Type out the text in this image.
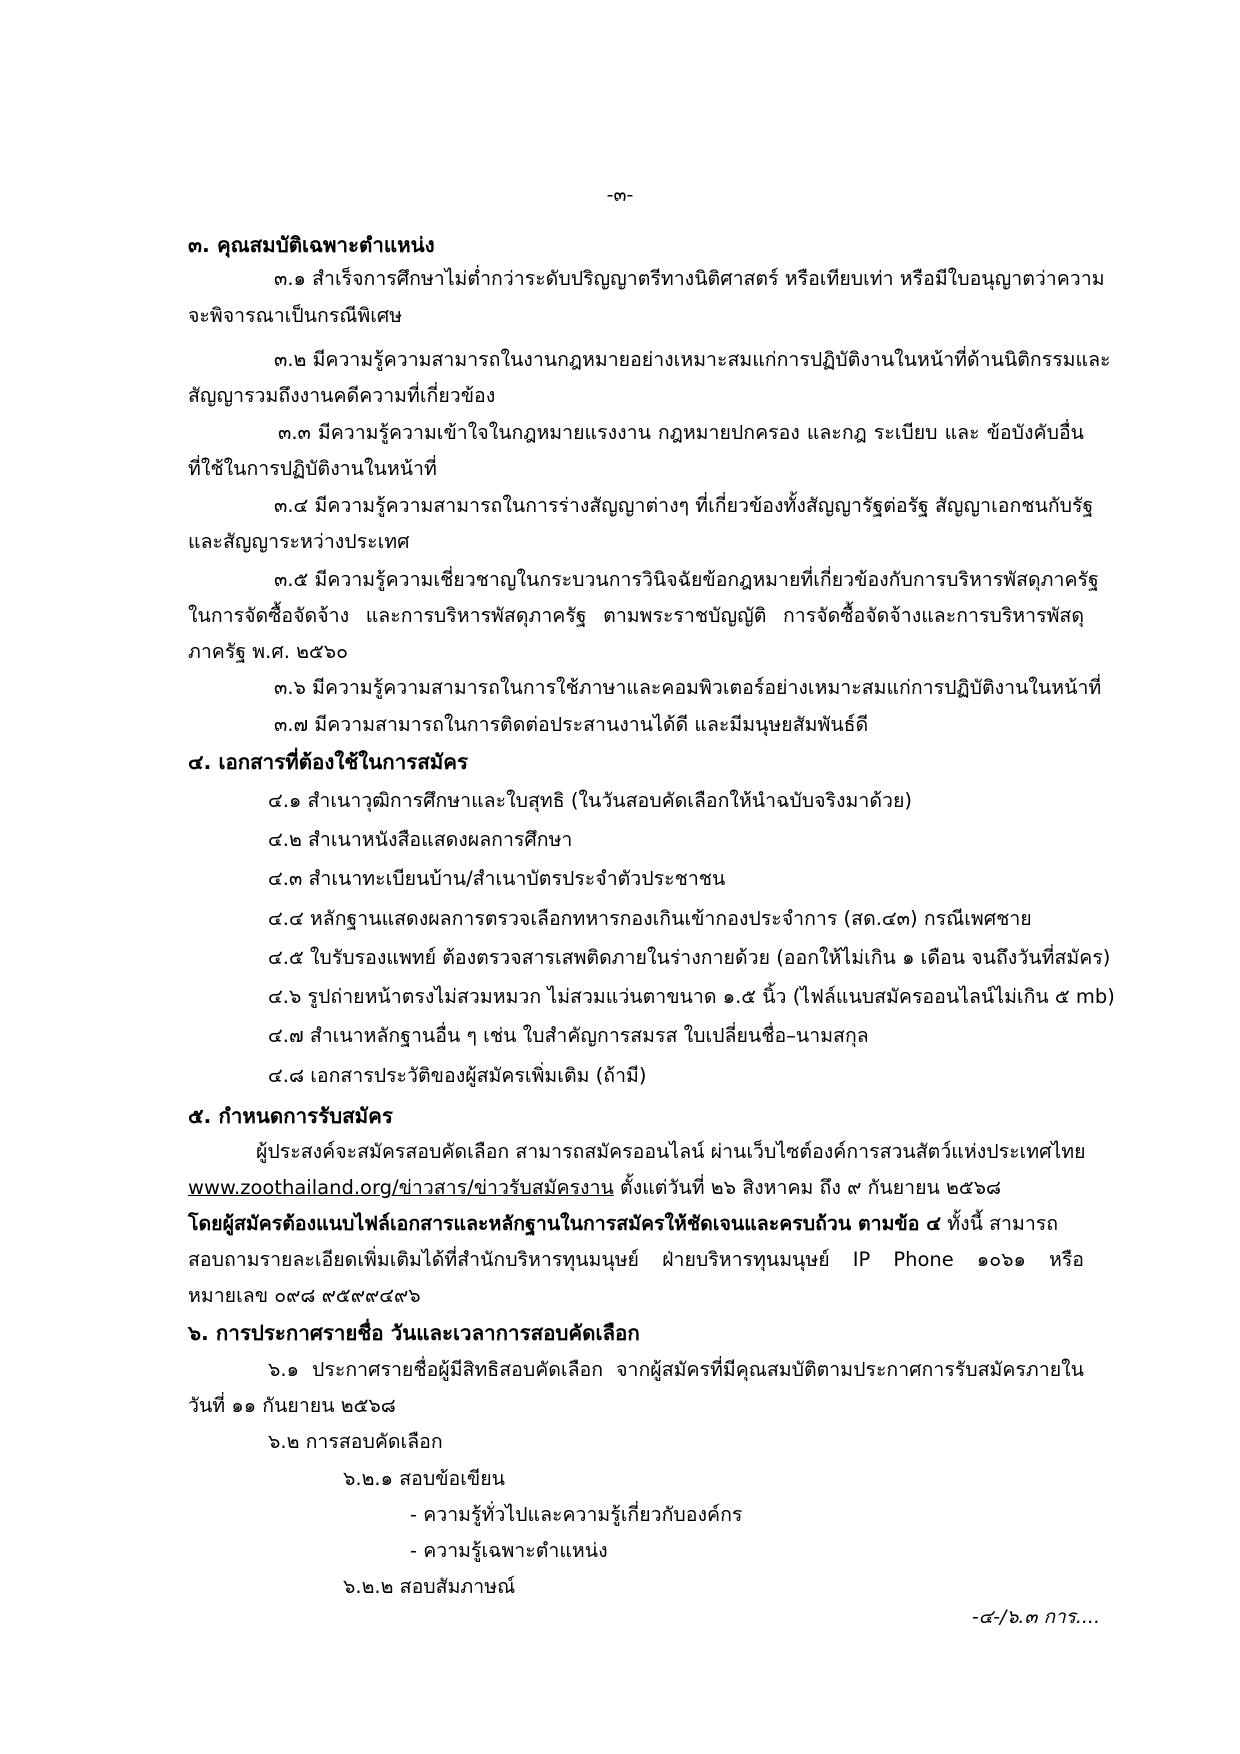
-๓-
๓. คุณสมบัติเฉพาะตำแหน่ง
๓.๑ สำเร็จการศึกษาไม่ต่ำกว่าระดับปริญญาตรีทางนิติศาสตร์ หรือเทียบเท่า หรือมีใบอนุญาตว่าความ
จะพิจารณาเป็นกรณีพิเศษ
๓.๒ มีความรู้ความสามารถในงานกฎหมายอย่างเหมาะสมแก่การปฏิบัติงานในหน้าที่ด้านนิติกรรมและ
สัญญารวมถึงงานคดีความที่เกี่ยวข้อง
๓.๓ มีความรู้ความเข้าใจในกฎหมายแรงงาน กฎหมายปกครอง และกฎ ระเบียบ และ ข้อบังคับอื่น
ที่ใช้ในการปฏิบัติงานในหน้าที่
๓.๔ มีความรู้ความสามารถในการร่างสัญญาต่างๆ ที่เกี่ยวข้องทั้งสัญญารัฐต่อรัฐ สัญญาเอกชนกับรัฐ
และสัญญาระหว่างประเทศ
๓.๕ มีความรู้ความเชี่ยวชาญในกระบวนการวินิจฉัยข้อกฎหมายที่เกี่ยวข้องกับการบริหารพัสดุภาครัฐ
ในการจัดซื้อจัดจ้าง และการบริหารพัสดุภาครัฐ ตามพระราชบัญญัติ การจัดซื้อจัดจ้างและการบริหารพัสดุ
ภาครัฐ พ.ศ. ๒๕๖๐
๓.๖ มีความรู้ความสามารถในการใช้ภาษาและคอมพิวเตอร์อย่างเหมาะสมแก่การปฏิบัติงานในหน้าที่
๓.๗ มีความสามารถในการติดต่อประสานงานได้ดี และมีมนุษยสัมพันธ์ดี
๔. เอกสารที่ต้องใช้ในการสมัคร
๔.๑ สำเนาวุฒิการศึกษาและใบสุทธิ (ในวันสอบคัดเลือกให้นำฉบับจริงมาด้วย)
๔.๒ สำเนาหนังสือแสดงผลการศึกษา
๔.๓ สำเนาทะเบียนบ้าน/สำเนาบัตรประจำตัวประชาชน
๔.๔ หลักฐานแสดงผลการตรวจเลือกทหารกองเกินเข้ากองประจำการ (สด.๔๓) กรณีเพศชาย
๔.๕ ใบรับรองแพทย์ ต้องตรวจสารเสพติดภายในร่างกายด้วย (ออกให้ไม่เกิน ๑ เดือน จนถึงวันที่สมัคร)
๔.๖ รูปถ่ายหน้าตรงไม่สวมหมวก ไม่สวมแว่นตาขนาด ๑.๕ นิ้ว (ไฟล์แนบสมัครออนไลน์ไม่เกิน ๕ mb)
๔.๗ สำเนาหลักฐานอื่น ๆ เช่น ใบสำคัญการสมรส ใบเปลี่ยนชื่อ–นามสกุล
๔.๘ เอกสารประวัติของผู้สมัครเพิ่มเติม (ถ้ามี)
๕. กำหนดการรับสมัคร
ผู้ประสงค์จะสมัครสอบคัดเลือก สามารถสมัครออนไลน์ ผ่านเว็บไซต์องค์การสวนสัตว์แห่งประเทศไทย
www.zoothailand.org/ข่าวสาร/ข่าวรับสมัครงาน ตั้งแต่วันที่ ๒๖ สิงหาคม ถึง ๙ กันยายน ๒๕๖๘
โดยผู้สมัครต้องแนบไฟล์เอกสารและหลักฐานในการสมัครให้ชัดเจนและครบถ้วน ตามข้อ ๔ ทั้งนี้ สามารถ
สอบถามรายละเอียดเพิ่มเติมได้ที่สำนักบริหารทุนมนุษย์ ฝ่ายบริหารทุนมนุษย์ IP Phone ๑๐๖๑ หรือ
หมายเลข ๐๙๘ ๙๕๙๙๔๙๖
๖. การประกาศรายชื่อ วันและเวลาการสอบคัดเลือก
๖.๑ ประกาศรายชื่อผู้มีสิทธิสอบคัดเลือก จากผู้สมัครที่มีคุณสมบัติตามประกาศการรับสมัครภายใน
วันที่ ๑๑ กันยายน ๒๕๖๘
๖.๒ การสอบคัดเลือก
๖.๒.๑ สอบข้อเขียน
- ความรู้ทั่วไปและความรู้เกี่ยวกับองค์กร
- ความรู้เฉพาะตำแหน่ง
๖.๒.๒ สอบสัมภาษณ์
-๔-/๖.๓ การ....
